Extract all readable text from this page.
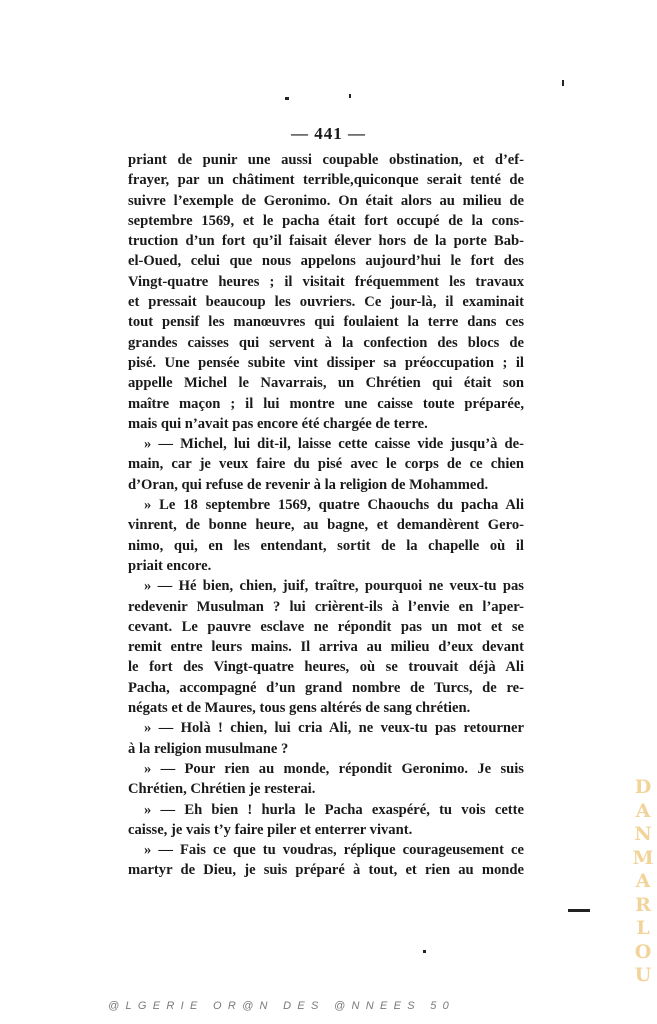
— 441 —
priant de punir une aussi coupable obstination, et d’ef-
frayer, par un châtiment terrible,quiconque serait tenté de
suivre l’exemple de Geronimo. On était alors au milieu de
septembre 1569, et le pacha était fort occupé de la cons-
truction d’un fort qu’il faisait élever hors de la porte Bab-
el-Oued, celui que nous appelons aujourd’hui le fort des
Vingt-quatre heures ; il visitait fréquemment les travaux
et pressait beaucoup les ouvriers. Ce jour-là, il examinait
tout pensif les manœuvres qui foulaient la terre dans ces
grandes caisses qui servent à la confection des blocs de
pisé. Une pensée subite vint dissiper sa préoccupation ; il
appelle Michel le Navarrais, un Chrétien qui était son
maître maçon ; il lui montre une caisse toute préparée,
mais qui n’avait pas encore été chargée de terre.
» — Michel, lui dit-il, laisse cette caisse vide jusqu’à de-
main, car je veux faire du pisé avec le corps de ce chien
d’Oran, qui refuse de revenir à la religion de Mohammed.
» Le 18 septembre 1569, quatre Chaouchs du pacha Ali
vinrent, de bonne heure, au bagne, et demandèrent Gero-
nimo, qui, en les entendant, sortit de la chapelle où il
priait encore.
» — Hé bien, chien, juif, traître, pourquoi ne veux-tu pas
redevenir Musulman ? lui crièrent-ils à l’envie en l’aper-
cevant. Le pauvre esclave ne répondit pas un mot et se
remit entre leurs mains. Il arriva au milieu d’eux devant
le fort des Vingt-quatre heures, où se trouvait déjà Ali
Pacha, accompagné d’un grand nombre de Turcs, de re-
négats et de Maures, tous gens altérés de sang chrétien.
» — Holà ! chien, lui cria Ali, ne veux-tu pas retourner
à la religion musulmane ?
» — Pour rien au monde, répondit Geronimo. Je suis
Chrétien, Chrétien je resterai.
» — Eh bien ! hurla le Pacha exaspéré, tu vois cette
caisse, je vais t’y faire piler et enterrer vivant.
» — Fais ce que tu voudras, réplique courageusement ce
martyr de Dieu, je suis préparé à tout, et rien au monde
DANMARLOU
@LGERIE OR@N DES @NNEES 50
